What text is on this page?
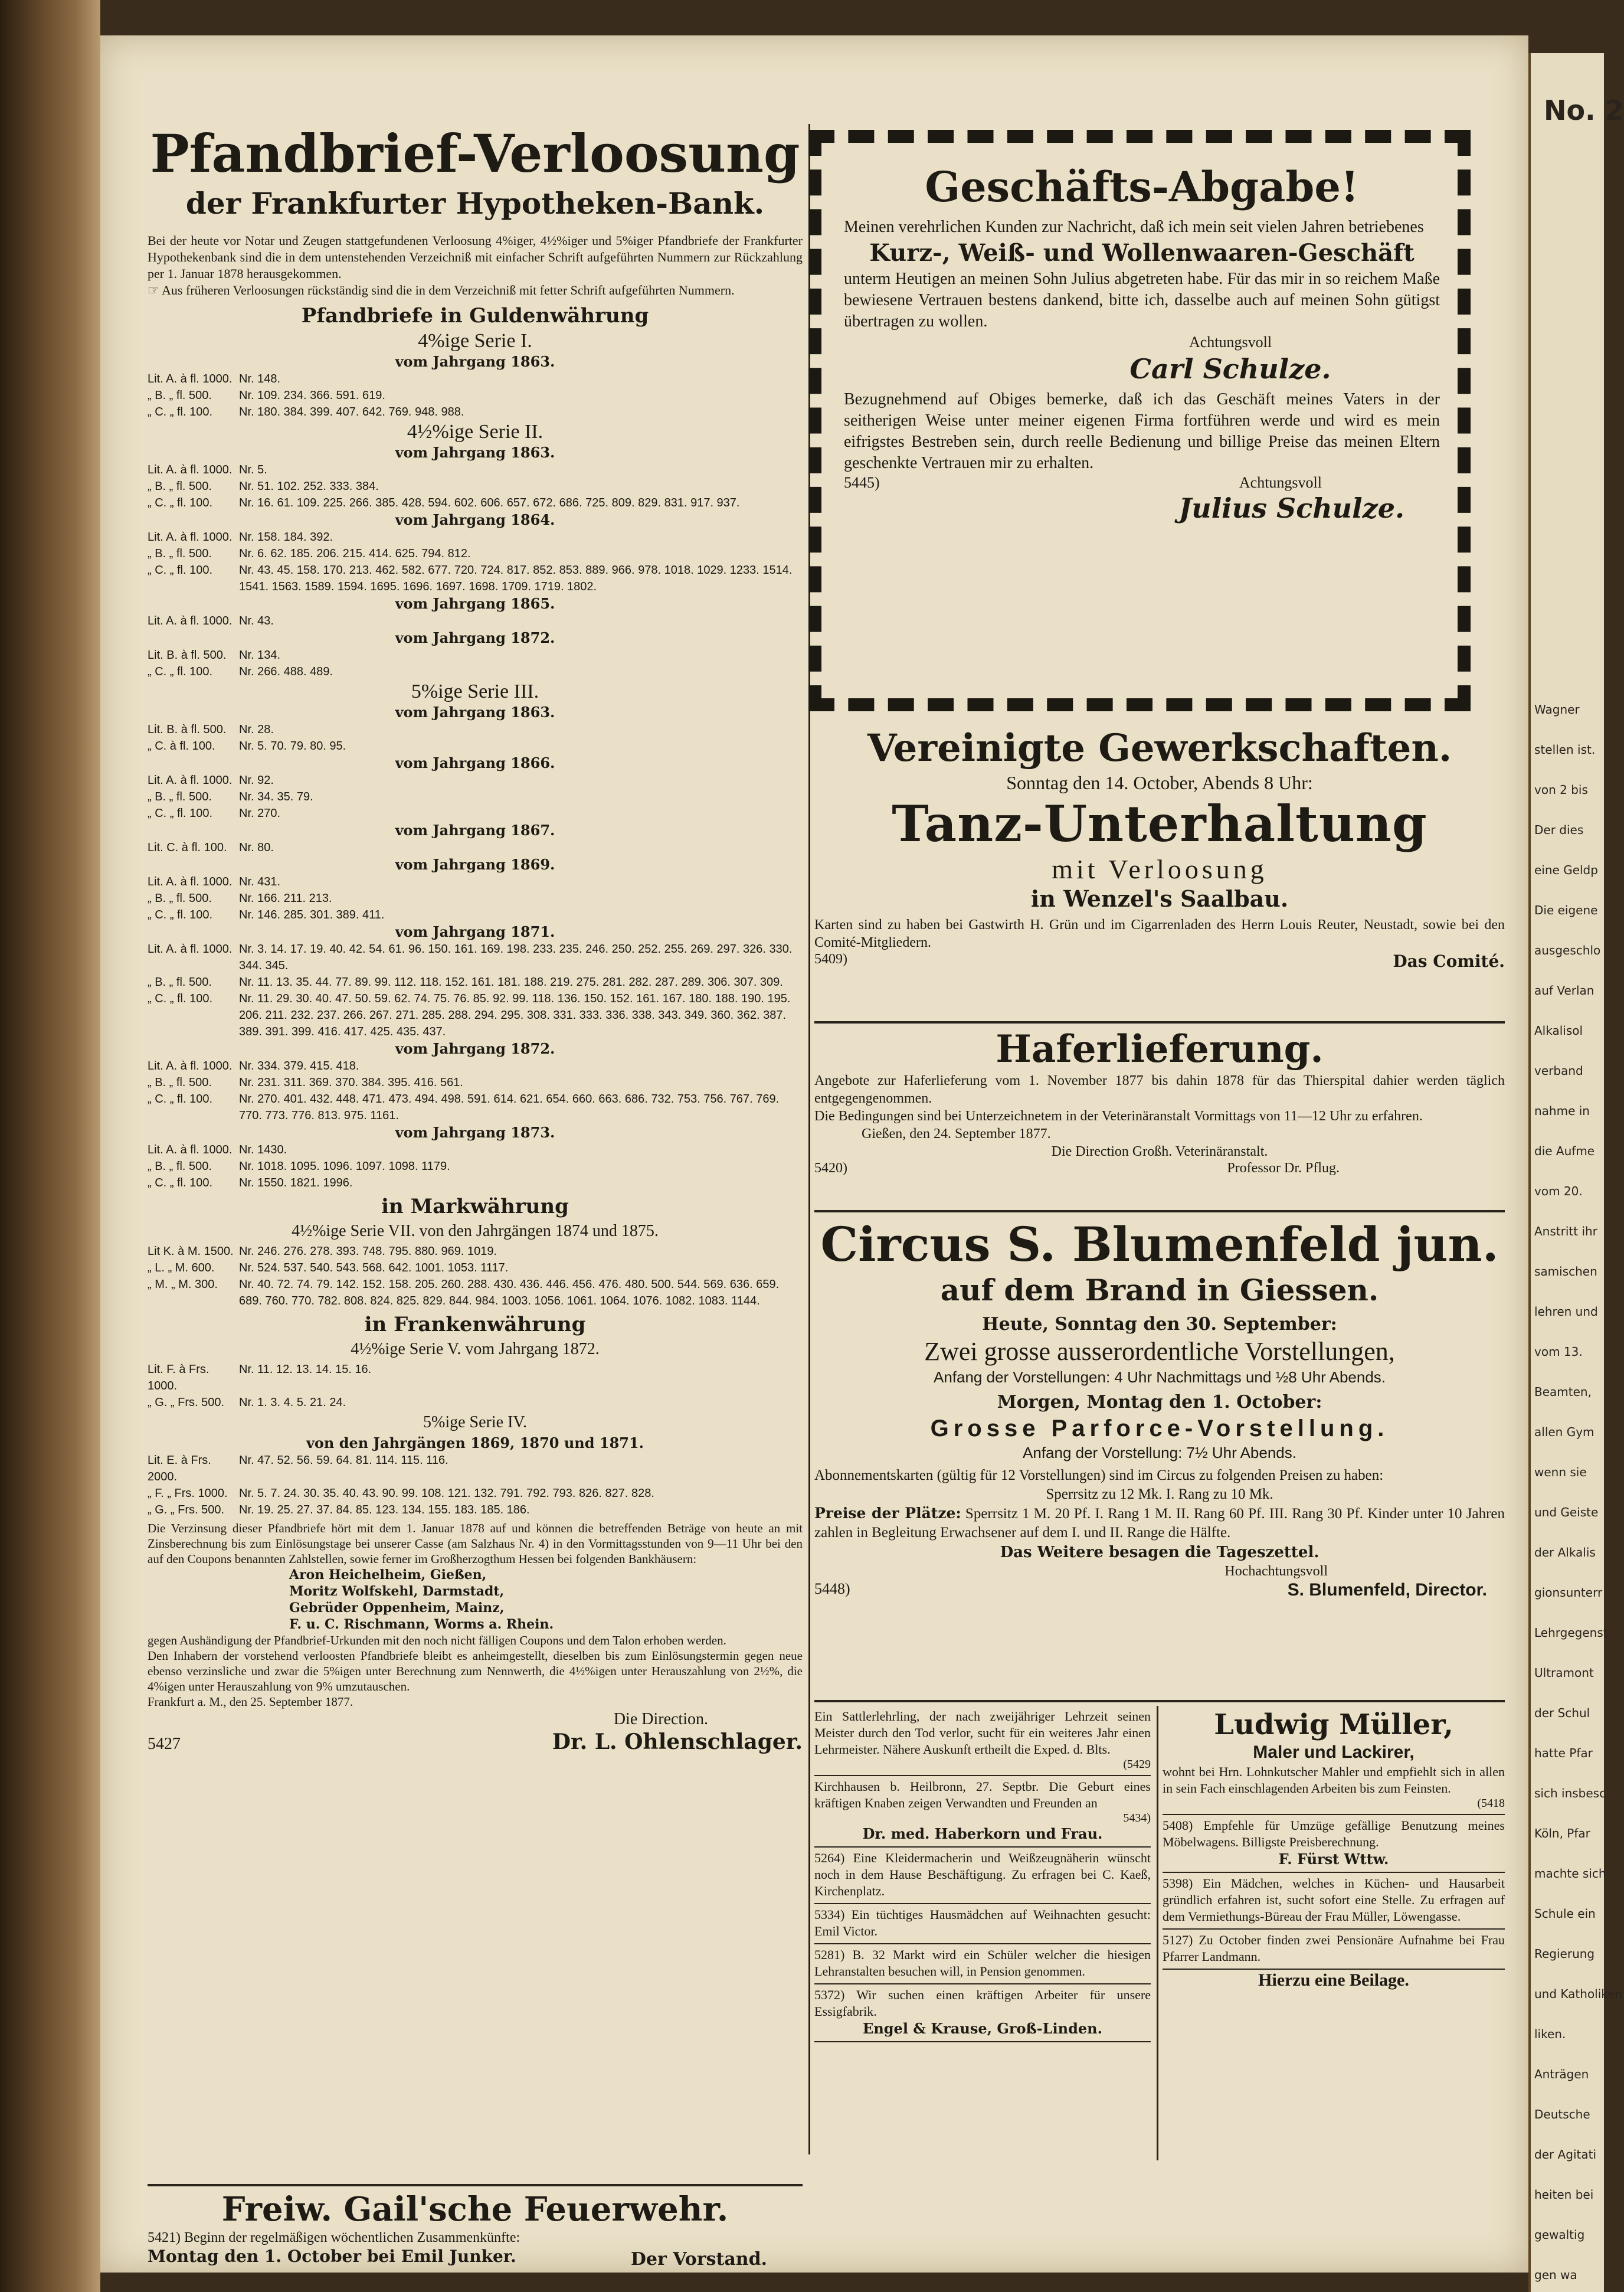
Pfandbrief-Verloosung
der Frankfurter Hypotheken-Bank.

Bei der heute vor Notar und Zeugen stattgefundenen Verloosung 4%iger, 4½%iger und 5%iger Pfandbriefe der Frankfurter Hypothekenbank sind die in dem untenstehenden Verzeichniß mit einfacher Schrift aufgeführten Nummern zur Rückzahlung per 1. Januar 1878 herausgekommen.

☞ Aus früheren Verloosungen rückständig sind die in dem Verzeichniß mit fetter Schrift aufgeführten Nummern.

Pfandbriefe in Guldenwährung
4%ige Serie I.
vom Jahrgang 1863.
Lit. A. à fl. 1000. Nr. 148.
„ B. „ fl. 500.	Nr. 109. 234. 366. 591. 619.
„ C. „ fl. 100.	Nr. 180. 384. 399. 407. 642. 769. 948. 988.
4½%ige Serie II.
vom Jahrgang 1863.
Lit. A. à fl. 1000. Nr. 5.
„ B. „ fl. 500.	Nr. 51. 102. 252. 333. 384.
„ C. „ fl. 100.	Nr. 16. 61. 109. 225. 266. 385. 428. 594. 602. 606. 657. 672. 686. 725. 809. 829. 831. 917. 937.
vom Jahrgang 1864.
Lit. A. à fl. 1000. Nr. 158. 184. 392.
„ B. „ fl. 500.	Nr. 6. 62. 185. 206. 215. 414. 625. 794. 812.
„ C. „ fl. 100.	Nr. 43. 45. 158. 170. 213. 462. 582. 677. 720. 724. 817. 852. 853. 889. 966. 978. 1018. 1029. 1233. 1514. 1541. 1563. 1589. 1594. 1695. 1696. 1697. 1698. 1709. 1719. 1802.
vom Jahrgang 1865.
Lit. A. à fl. 1000. Nr. 43.
vom Jahrgang 1872.
Lit. B. à fl. 500.	Nr. 134.
„ C. „ fl. 100.	Nr. 266. 488. 489.
5%ige Serie III.
vom Jahrgang 1863.
Lit. B. à fl. 500.	Nr. 28.
„ C. à fl. 100.	Nr. 5. 70. 79. 80. 95.
vom Jahrgang 1866.
Lit. A. à fl. 1000. Nr. 92.
„ B. „ fl. 500.	Nr. 34. 35. 79.
„ C. „ fl. 100.	Nr. 270.
vom Jahrgang 1867.
Lit. C. à fl. 100.	Nr. 80.
vom Jahrgang 1869.
Lit. A. à fl. 1000. Nr. 431.
„ B. „ fl. 500.	Nr. 166. 211. 213.
„ C. „ fl. 100.	Nr. 146. 285. 301. 389. 411.
vom Jahrgang 1871.
Lit. A. à fl. 1000. Nr. 3. 14. 17. 19. 40. 42. 54. 61. 96. 150. 161. 169. 198. 233. 235. 246. 250. 252. 255. 269. 297. 326. 330. 344. 345.
„ B. „ fl. 500.	Nr. 11. 13. 35. 44. 77. 89. 99. 112. 118. 152. 161. 181. 188. 219. 275. 281. 282. 287. 289. 306. 307. 309.
„ C. „ fl. 100.	Nr. 11. 29. 30. 40. 47. 50. 59. 62. 74. 75. 76. 85. 92. 99. 118. 136. 150. 152. 161. 167. 180. 188. 190. 195. 206. 211. 232. 237. 266. 267. 271. 285. 288. 294. 295. 308. 331. 333. 336. 338. 343. 349. 360. 362. 387. 389. 391. 399. 416. 417. 425. 435. 437.
vom Jahrgang 1872.
Lit. A. à fl. 1000. Nr. 334. 379. 415. 418.
„ B. „ fl. 500.	Nr. 231. 311. 369. 370. 384. 395. 416. 561.
„ C. „ fl. 100.	Nr. 270. 401. 432. 448. 471. 473. 494. 498. 591. 614. 621. 654. 660. 663. 686. 732. 753. 756. 767. 769. 770. 773. 776. 813. 975. 1161.
vom Jahrgang 1873.
Lit. A. à fl. 1000. Nr. 1430.
„ B. „ fl. 500.	Nr. 1018. 1095. 1096. 1097. 1098. 1179.
„ C. „ fl. 100.	Nr. 1550. 1821. 1996.
in Markwährung
4½%ige Serie VII. von den Jahrgängen 1874 und 1875.
Lit K. à M. 1500. Nr. 246. 276. 278. 393. 748. 795. 880. 969. 1019.
„ L. „ M. 600.	Nr. 524. 537. 540. 543. 568. 642. 1001. 1053. 1117.
„ M. „ M. 300.	Nr. 40. 72. 74. 79. 142. 152. 158. 205. 260. 288. 430. 436. 446. 456. 476. 480. 500. 544. 569. 636. 659. 689. 760. 770. 782. 808. 824. 825. 829. 844. 984. 1003. 1056. 1061. 1064. 1076. 1082. 1083. 1144.
in Frankenwährung
4½%ige Serie V. vom Jahrgang 1872.
Lit. F. à Frs. 1000.
Nr. 11. 12. 13. 14. 15. 16.
„ G. „ Frs. 500.	Nr. 1. 3. 4. 5. 21. 24.
5%ige Serie IV.
von den Jahrgängen 1869, 1870 und 1871.
Lit. E. à Frs. 2000.
Nr. 47. 52. 56. 59. 64. 81. 114. 115. 116.
„ F. „ Frs. 1000. Nr. 5. 7. 24. 30. 35. 40. 43. 90. 99. 108. 121. 132. 791. 792. 793. 826. 827. 828.
„ G. „ Frs. 500.	Nr. 19. 25. 27. 37. 84. 85. 123. 134. 155. 183. 185. 186.

Die Verzinsung dieser Pfandbriefe hört mit dem 1. Januar 1878 auf und können die betreffenden Beträge von heute an mit Zinsberechnung bis zum Einlösungstage bei unserer Casse (am Salzhaus Nr. 4) in den Vormittagsstunden von 9—11 Uhr bei den auf den Coupons benannten Zahlstellen, sowie ferner im Großherzogthum Hessen bei folgenden Bankhäusern:

Aron Heichelheim, Gießen,
Moritz Wolfskehl, Darmstadt,
Gebrüder Oppenheim, Mainz,
F. u. C. Rischmann, Worms a. Rhein.

gegen Aushändigung der Pfandbrief-Urkunden mit den noch nicht fälligen Coupons und dem Talon erhoben werden.

Den Inhabern der vorstehend verloosten Pfandbriefe bleibt es anheimgestellt, dieselben bis zum Einlösungstermin gegen neue ebenso verzinsliche und zwar die 5%igen unter Berechnung zum Nennwerth, die 4½%igen unter Herauszahlung von 2½%, die 4%igen unter Herauszahlung von 9% umzutauschen.

Frankfurt a. M., den 25. September 1877.

Die Direction.
5427	Dr. L. Ohlenschlager.
Freiw. Gail'sche Feuerwehr.

5421) Beginn der regelmäßigen wöchentlichen Zusammenkünfte:

Montag den 1. October bei Emil Junker.	Der Vorstand.
Geschäfts-Abgabe!

Meinen verehrlichen Kunden zur Nachricht, daß ich mein seit vielen Jahren betriebenes

Kurz-, Weiß- und Wollenwaaren-Geschäft

unterm Heutigen an meinen Sohn Julius abgetreten habe. Für das mir in so reichem Maße bewiesene Vertrauen bestens dankend, bitte ich, dasselbe auch auf meinen Sohn gütigst übertragen zu wollen.

Achtungsvoll
Carl Schulze.

Bezugnehmend auf Obiges bemerke, daß ich das Geschäft meines Vaters in der seitherigen Weise unter meiner eigenen Firma fortführen werde und wird es mein eifrigstes Bestreben sein, durch reelle Bedienung und billige Preise das meinen Eltern geschenkte Vertrauen mir zu erhalten.

5445)	Achtungsvoll
Julius Schulze.
Vereinigte Gewerkschaften.
Sonntag den 14. October, Abends 8 Uhr:
Tanz-Unterhaltung
mit Verloosung
in Wenzel's Saalbau.

Karten sind zu haben bei Gastwirth H. Grün und im Cigarrenladen des Herrn Louis Reuter, Neustadt, sowie bei den Comité-Mitgliedern.

5409)	Das Comité.
Haferlieferung.

Angebote zur Haferlieferung vom 1. November 1877 bis dahin 1878 für das Thierspital dahier werden täglich entgegengenommen.

Die Bedingungen sind bei Unterzeichnetem in der Veterinäranstalt Vormittags von 11—12 Uhr zu erfahren.

Gießen, den 24. September 1877.

Die Direction Großh. Veterinäranstalt.
5420)	Professor Dr. Pflug.
Circus S. Blumenfeld jun.
auf dem Brand in Giessen.
Heute, Sonntag den 30. September:
Zwei grosse ausserordentliche Vorstellungen,
Anfang der Vorstellungen: 4 Uhr Nachmittags und ½8 Uhr Abends.
Morgen, Montag den 1. October:
Grosse Parforce-Vorstellung.
Anfang der Vorstellung: 7½ Uhr Abends.

Abonnementskarten (gültig für 12 Vorstellungen) sind im Circus zu folgenden Preisen zu haben:

Sperrsitz zu 12 Mk. I. Rang zu 10 Mk.

Preise der Plätze: Sperrsitz 1 M. 20 Pf. I. Rang 1 M. II. Rang 60 Pf. III. Rang 30 Pf. Kinder unter 10 Jahren zahlen in Begleitung Erwachsener auf dem I. und II. Range die Hälfte.

Das Weitere besagen die Tageszettel.
Hochachtungsvoll
5448)	S. Blumenfeld, Director.

Ein Sattlerlehrling, der nach zweijähriger Lehrzeit seinen Meister durch den Tod verlor, sucht für ein weiteres Jahr einen Lehrmeister. Nähere Auskunft ertheilt die Exped. d. Blts.

(5429

Kirchhausen b. Heilbronn, 27. Septbr. Die Geburt eines kräftigen Knaben zeigen Verwandten und Freunden an

5434)
Dr. med. Haberkorn und Frau.

5264) Eine Kleidermacherin und Weißzeugnäherin wünscht noch in dem Hause Beschäftigung. Zu erfragen bei C. Kaeß, Kirchenplatz.

5334) Ein tüchtiges Hausmädchen auf Weihnachten gesucht: Emil Victor.

5281) B. 32 Markt wird ein Schüler welcher die hiesigen Lehranstalten besuchen will, in Pension genommen.

5372) Wir suchen einen kräftigen Arbeiter für unsere Essigfabrik.

Engel & Krause, Groß-Linden.
Ludwig Müller,
Maler und Lackirer,

wohnt bei Hrn. Lohnkutscher Mahler und empfiehlt sich in allen in sein Fach einschlagenden Arbeiten bis zum Feinsten.

(5418

5408) Empfehle für Umzüge gefällige Benutzung meines Möbelwagens. Billigste Preisberechnung.

F. Fürst Wttw.

5398) Ein Mädchen, welches in Küchen- und Hausarbeit gründlich erfahren ist, sucht sofort eine Stelle. Zu erfragen auf dem Vermiethungs-Büreau der Frau Müller, Löwengasse.

5127) Zu October finden zwei Pensionäre Aufnahme bei Frau Pfarrer Landmann.

Hierzu eine Beilage.

No. 2
Wagner
stellen ist.
von 2 bis
Der dies
eine Geldp
Die eigene
ausgeschlo
auf Verlan
Alkalisol
verband
nahme in
die Aufme
vom 20.
Anstritt ihr
samischen
lehren und
vom 13.
Beamten,
allen Gym
wenn sie
und Geiste
der Alkalis
gionsunterr
Lehrgegenst
Ultramont
der Schul
hatte Pfar
sich insbesc
Köln, Pfar
machte sich
Schule ein
Regierung
und Katholiken
liken.
Anträgen
Deutsche
der Agitati
heiten bei
gewaltig
gen wa
